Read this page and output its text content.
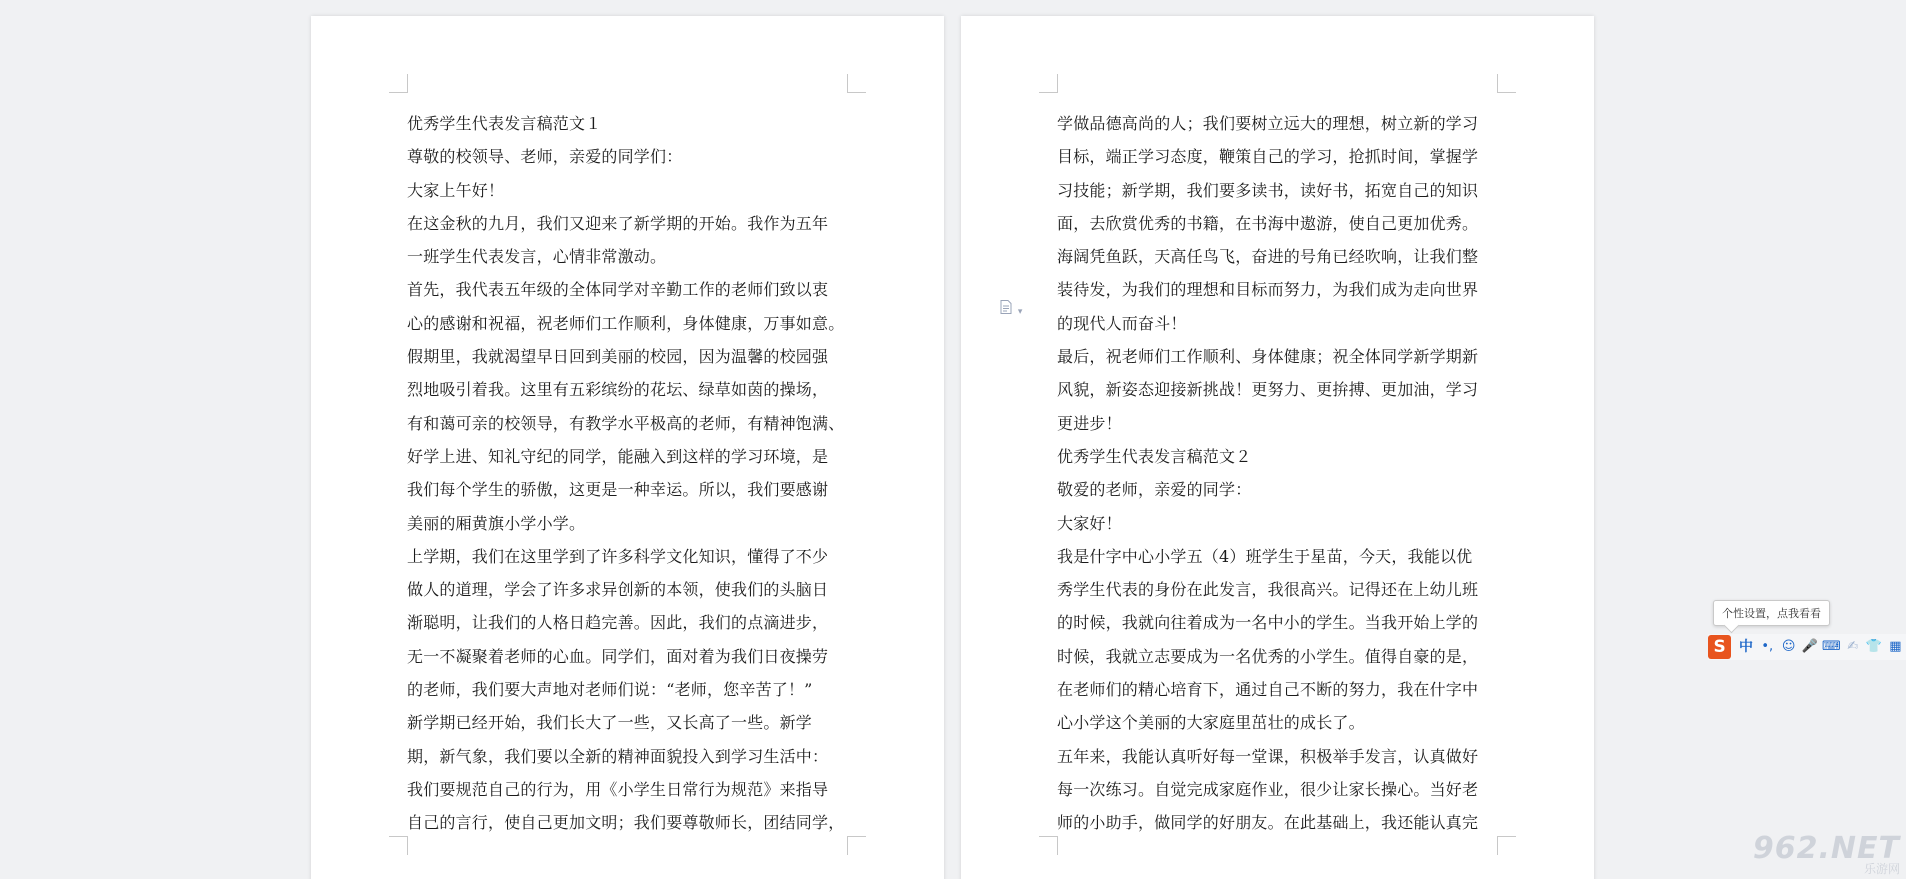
优秀学生代表发言稿范文１
尊敬的校领导、老师，亲爱的同学们：
大家上午好！
在这金秋的九月，我们又迎来了新学期的开始。我作为五年
一班学生代表发言，心情非常激动。
首先，我代表五年级的全体同学对辛勤工作的老师们致以衷
心的感谢和祝福，祝老师们工作顺利，身体健康，万事如意。
假期里，我就渴望早日回到美丽的校园，因为温馨的校园强
烈地吸引着我。这里有五彩缤纷的花坛、绿草如茵的操场，
有和蔼可亲的校领导，有教学水平极高的老师，有精神饱满、
好学上进、知礼守纪的同学，能融入到这样的学习环境，是
我们每个学生的骄傲，这更是一种幸运。所以，我们要感谢
美丽的厢黄旗小学小学。
上学期，我们在这里学到了许多科学文化知识，懂得了不少
做人的道理，学会了许多求异创新的本领，使我们的头脑日
渐聪明，让我们的人格日趋完善。因此，我们的点滴进步，
无一不凝聚着老师的心血。同学们，面对着为我们日夜操劳
的老师，我们要大声地对老师们说：“老师，您辛苦了！”
新学期已经开始，我们长大了一些，又长高了一些。新学
期，新气象，我们要以全新的精神面貌投入到学习生活中：
我们要规范自己的行为，用《小学生日常行为规范》来指导
自己的言行，使自己更加文明；我们要尊敬师长，团结同学，
学做品德高尚的人；我们要树立远大的理想，树立新的学习
目标，端正学习态度，鞭策自己的学习，抢抓时间，掌握学
习技能；新学期，我们要多读书，读好书，拓宽自己的知识
面，去欣赏优秀的书籍，在书海中遨游，使自己更加优秀。
海阔凭鱼跃，天高任鸟飞，奋进的号角已经吹响，让我们整
装待发，为我们的理想和目标而努力，为我们成为走向世界
的现代人而奋斗！
最后，祝老师们工作顺利、身体健康；祝全体同学新学期新
风貌，新姿态迎接新挑战！更努力、更拚搏、更加油，学习
更进步！
优秀学生代表发言稿范文２
敬爱的老师，亲爱的同学：
大家好！
我是什字中心小学五（4）班学生于星苗，今天，我能以优
秀学生代表的身份在此发言，我很高兴。记得还在上幼儿班
的时候，我就向往着成为一名中小的学生。当我开始上学的
时候，我就立志要成为一名优秀的小学生。值得自豪的是，
在老师们的精心培育下，通过自己不断的努力，我在什字中
心小学这个美丽的大家庭里茁壮的成长了。
五年来，我能认真听好每一堂课，积极举手发言，认真做好
每一次练习。自觉完成家庭作业，很少让家长操心。当好老
师的小助手，做同学的好朋友。在此基础上，我还能认真完
▾
个性设置，点我看看
S 中 •, ☺ 🎤 ⌨ ✍ 👕 ▦
962.NET
乐游网
